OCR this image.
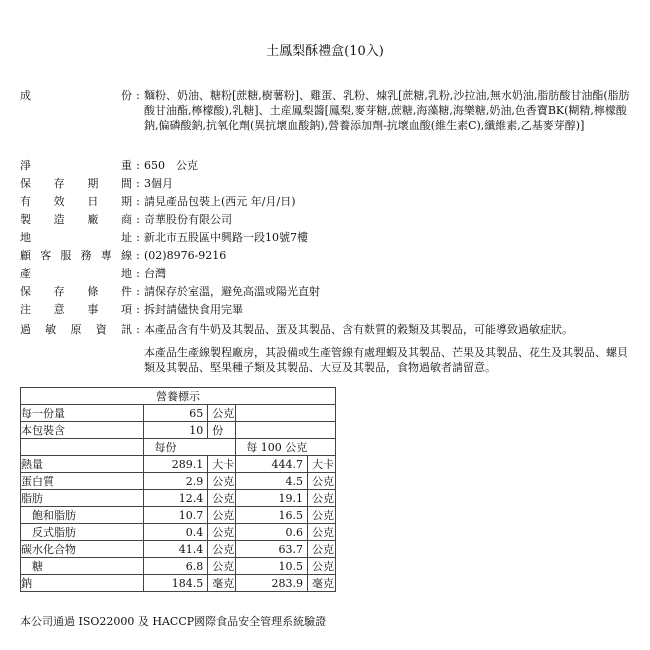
土鳳梨酥禮盒(10入)
成	份 : 麵粉、奶油、糖粉[蔗糖,樹薯粉]、雞蛋、乳粉、煉乳[蔗糖,乳粉,沙拉油,無水奶油,脂肪酸甘油酯(脂肪酸甘油酯,檸檬酸),乳糖]、土産鳳梨醬[鳳梨,麥芽糖,蔗糖,海藻糖,海樂糖,奶油,色香寶BK(糊精,檸檬酸鈉,偏磷酸鈉,抗氧化劑(異抗壞血酸鈉),營養添加劑-抗壞血酸(維生素C),纖維素,乙基麥芽醇)]
淨	重 : 650　公克
保 存 期 間 : 3個月
有 效 日 期 : 請見產品包裝上(西元 年/月/日)
製 造 廠 商 : 奇華股份有限公司
地	址 : 新北市五股區中興路一段10號7樓
顧 客 服 務 專 線 : (02)8976-9216
產	地 : 台灣
保 存 條 件 : 請保存於室溫，避免高溫或陽光直射
注 意 事 項 : 拆封請儘快食用完畢
過 敏 原 資 訊 : 本產品含有牛奶及其製品、蛋及其製品、含有麩質的穀類及其製品，可能導致過敏症狀。
本產品生產線製程廠房，其設備或生產管線有處理蝦及其製品、芒果及其製品、花生及其製品、螺貝類及其製品、堅果種子類及其製品、大豆及其製品，食物過敏者請留意。
營養標示				
每一份量	65	公克		
本包裝含	10	份		
	每份		每 100 公克	
熱量	289.1	大卡	444.7	大卡
蛋白質	2.9	公克	4.5	公克
脂肪	12.4	公克	19.1	公克
　飽和脂肪	10.7	公克	16.5	公克
　反式脂肪	0.4	公克	0.6	公克
碳水化合物	41.4	公克	63.7	公克
　糖	6.8	公克	10.5	公克
鈉	184.5	毫克	283.9	毫克
本公司通過 ISO22000 及 HACCP國際食品安全管理系統驗證
